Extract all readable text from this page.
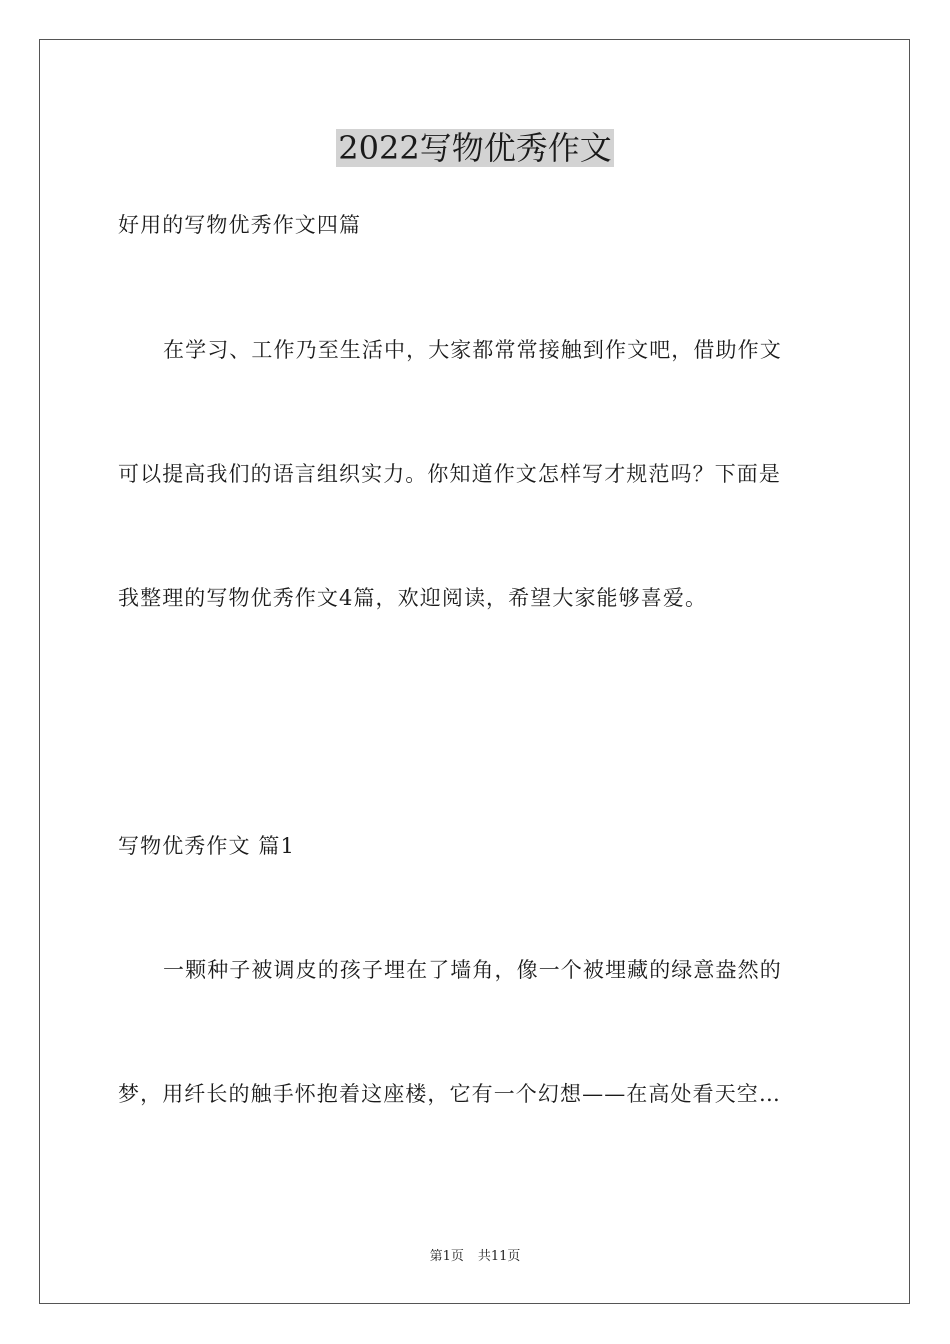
2022写物优秀作文
好用的写物优秀作文四篇
在学习、工作乃至生活中，大家都常常接触到作文吧，借助作文
可以提高我们的语言组织实力。你知道作文怎样写才规范吗？下面是
我整理的写物优秀作文4篇，欢迎阅读，希望大家能够喜爱。
写物优秀作文 篇1
一颗种子被调皮的孩子埋在了墙角，像一个被埋藏的绿意盎然的
梦，用纤长的触手怀抱着这座楼，它有一个幻想——在高处看天空…
第1页 共11页
